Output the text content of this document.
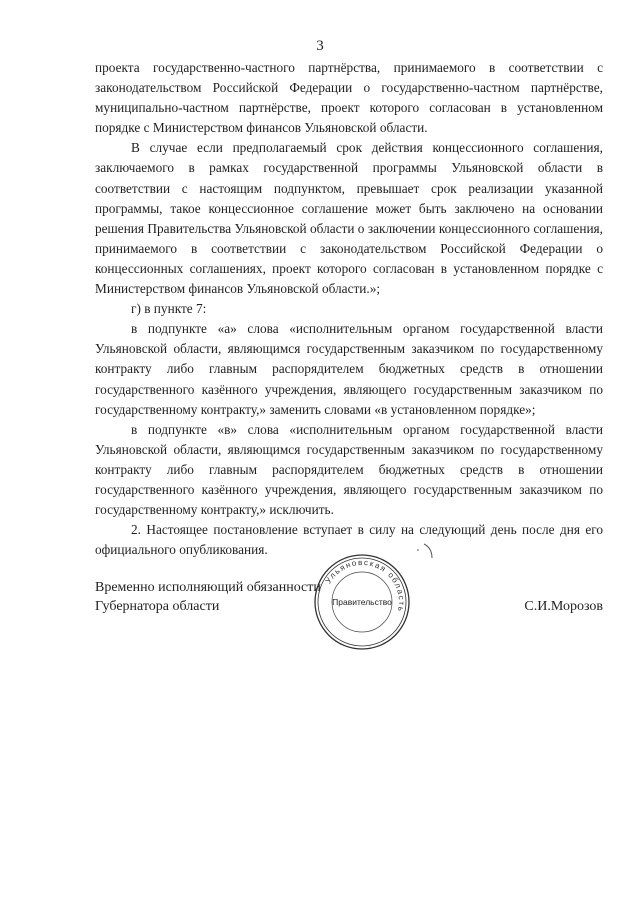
3

проекта государственно-частного партнёрства, принимаемого в соответствии с законодательством Российской Федерации о государственно-частном партнёрстве, муниципально-частном партнёрстве, проект которого согласован в установленном порядке с Министерством финансов Ульяновской области.

В случае если предполагаемый срок действия концессионного соглашения, заключаемого в рамках государственной программы Ульяновской области в соответствии с настоящим подпунктом, превышает срок реализации указанной программы, такое концессионное соглашение может быть заключено на основании решения Правительства Ульяновской области о заключении концессионного соглашения, принимаемого в соответствии с законодательством Российской Федерации о концессионных соглашениях, проект которого согласован в установленном порядке с Министерством финансов Ульяновской области.»;

г) в пункте 7:

в подпункте «а» слова «исполнительным органом государственной власти Ульяновской области, являющимся государственным заказчиком по государственному контракту либо главным распорядителем бюджетных средств в отношении государственного казённого учреждения, являющего государственным заказчиком по государственному контракту,» заменить словами «в установленном порядке»;

в подпункте «в» слова «исполнительным органом государственной власти Ульяновской области, являющимся государственным заказчиком по государственному контракту либо главным распорядителем бюджетных средств в отношении государственного казённого учреждения, являющего государственным заказчиком по государственному контракту,» исключить.

2. Настоящее постановление вступает в силу на следующий день после дня его официального опубликования.

Временно исполняющий обязанности
Губернатора области	С.И.Морозов
Ульяновская область
Правительство
